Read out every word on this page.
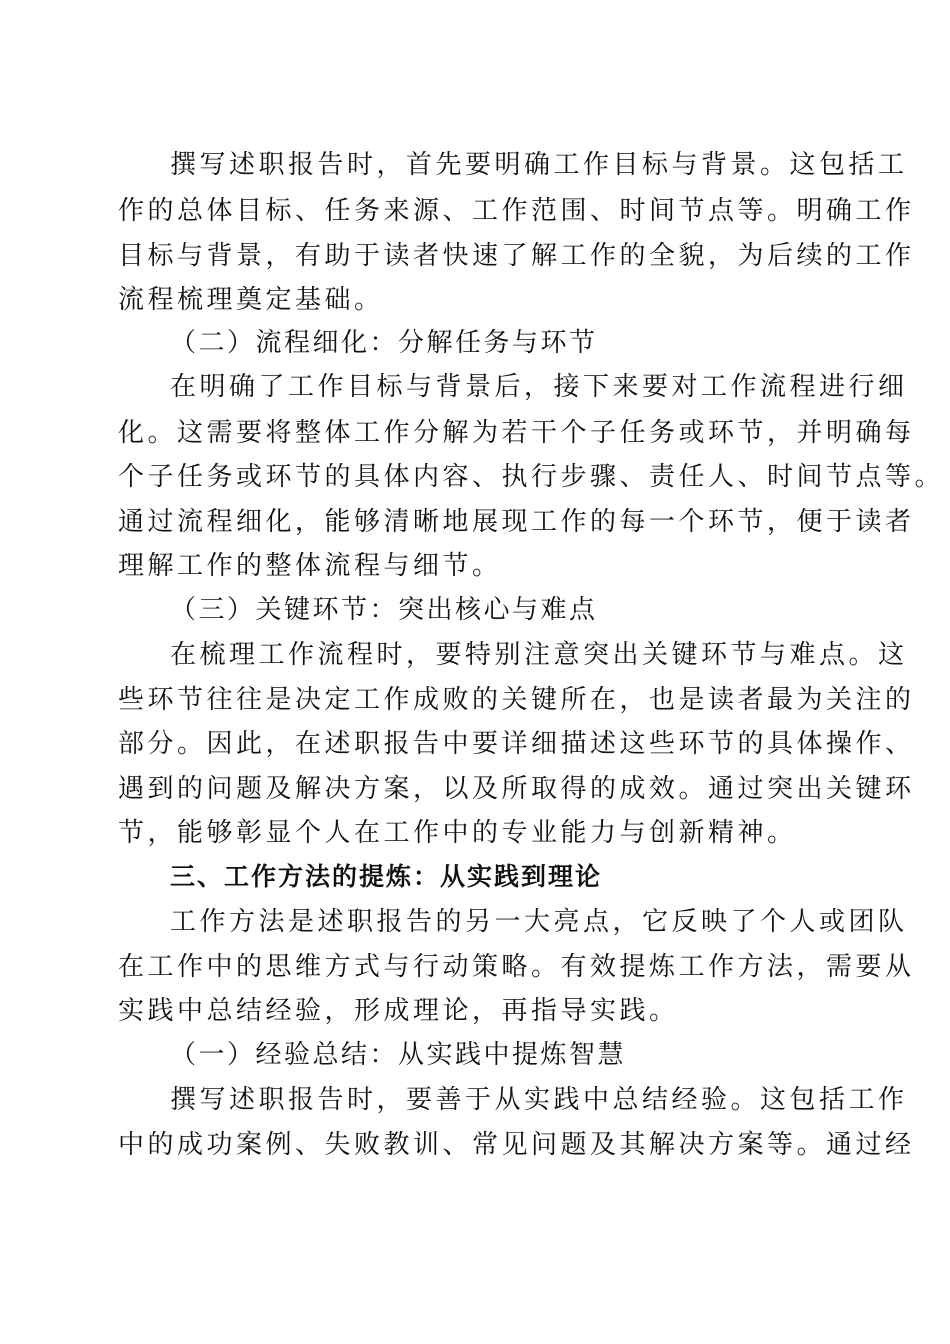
撰写述职报告时，首先要明确工作目标与背景。这包括工
作的总体目标、任务来源、工作范围、时间节点等。明确工作
目标与背景，有助于读者快速了解工作的全貌，为后续的工作
流程梳理奠定基础。
（二）流程细化：分解任务与环节
在明确了工作目标与背景后，接下来要对工作流程进行细
化。这需要将整体工作分解为若干个子任务或环节，并明确每
个子任务或环节的具体内容、执行步骤、责任人、时间节点等。
通过流程细化，能够清晰地展现工作的每一个环节，便于读者
理解工作的整体流程与细节。
（三）关键环节：突出核心与难点
在梳理工作流程时，要特别注意突出关键环节与难点。这
些环节往往是决定工作成败的关键所在，也是读者最为关注的
部分。因此，在述职报告中要详细描述这些环节的具体操作、
遇到的问题及解决方案，以及所取得的成效。通过突出关键环
节，能够彰显个人在工作中的专业能力与创新精神。
三、工作方法的提炼：从实践到理论
工作方法是述职报告的另一大亮点，它反映了个人或团队
在工作中的思维方式与行动策略。有效提炼工作方法，需要从
实践中总结经验，形成理论，再指导实践。
（一）经验总结：从实践中提炼智慧
撰写述职报告时，要善于从实践中总结经验。这包括工作
中的成功案例、失败教训、常见问题及其解决方案等。通过经
